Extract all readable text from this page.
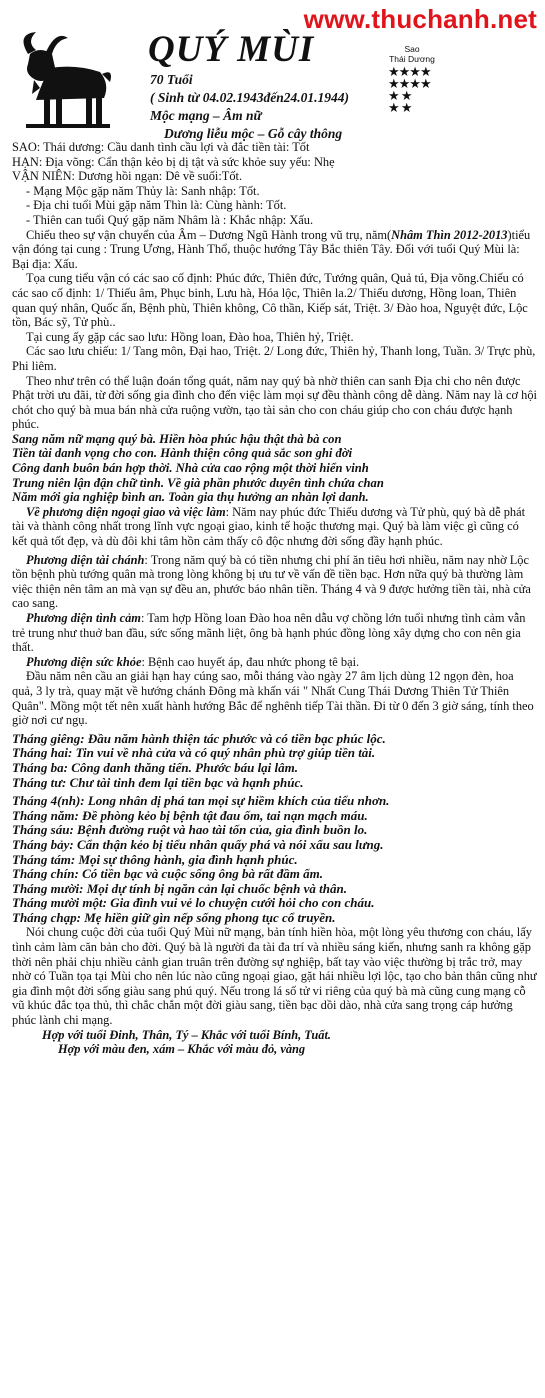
www.thuchanh.net
QUÝ MÙI
70 Tuổi
( Sinh từ 04.02.1943đến24.01.1944)
Mộc mạng – Âm nữ
Dương liễu mộc – Gỗ cây thông
Sao
Thái Dương
★★★★
★★★★
★ ★
★ ★

SAO: Thái dương: Cầu danh tình cầu lợi và đắc tiền tài: Tốt

HẠN: Địa võng: Cẩn thận kẻo bị dị tật và sức khỏe suy yếu: Nhẹ

VẬN NIÊN: Dương hồi ngạn: Dê về suối:Tốt.

- Mạng Mộc gặp năm Thủy là: Sanh nhập: Tốt.

- Địa chi tuổi Mùi gặp năm Thìn là: Cùng hành: Tốt.

- Thiên can tuổi Quý gặp năm Nhâm là : Khắc nhập: Xấu.

Chiếu theo sự vận chuyển của Âm – Dương Ngũ Hành trong vũ trụ, năm(Nhâm Thìn 2012-2013)tiểu vận đóng tại cung : Trung Ương, Hành Thổ, thuộc hướng Tây Bắc thiên Tây. Đối với tuổi Quý Mùi là: Bại địa: Xấu.

Tọa cung tiểu vận có các sao cố định: Phúc đức, Thiên đức, Tướng quân, Quả tú, Địa võng.Chiếu có các sao cố định: 1/ Thiếu âm, Phục binh, Lưu hà, Hóa lộc, Thiên la.2/ Thiếu dương, Hồng loan, Thiên quan quý nhân, Quốc ấn, Bệnh phù, Thiên không, Cô thần, Kiếp sát, Triệt. 3/ Đào hoa, Nguyệt đức, Lộc tồn, Bác sỹ, Tử phù..

Tại cung ấy gặp các sao lưu: Hồng loan, Đào hoa, Thiên hỷ, Triệt.

Các sao lưu chiếu: 1/ Tang môn, Đại hao, Triệt. 2/ Long đức, Thiên hỷ, Thanh long, Tuần. 3/ Trực phù, Phi liêm.

Theo như trên có thể luận đoán tổng quát, năm nay quý bà nhờ thiên can sanh Địa chi cho nên được Phật trời ưu đãi, từ đời sống gia đình cho đến việc làm mọi sự đều thành công dễ dàng. Năm nay là cơ hội chót cho quý bà mua bán nhà cửa ruộng vườn, tạo tài sản cho con cháu giúp cho con cháu được hạnh phúc.

Sang năm nữ mạng quý bà. Hiền hòa phúc hậu thật thà bà con

Tiền tài danh vọng cho con. Hành thiện công quả sắc son ghi đời

Công danh buôn bán hợp thời. Nhà cửa cao rộng một thời hiển vinh

Trung niên lận đận chữ tình. Về già phần phước duyên tình chứa chan

Năm mới gia nghiệp bình an. Toàn gia thụ hưởng an nhàn lợi danh.

Về phương diện ngoại giao và việc làm: Năm nay phúc đức Thiếu dương và Tử phù, quý bà dễ phát tài và thành công nhất trong lĩnh vực ngoại giao, kinh tế hoặc thương mại. Quý bà làm việc gì cũng có kết quả tốt đẹp, và dù đôi khi tâm hồn cảm thấy cô độc nhưng đời sống đầy hạnh phúc.

Phương diện tài chánh: Trong năm quý bà có tiền nhưng chi phí ăn tiêu hơi nhiều, năm nay nhờ Lộc tồn bệnh phù tướng quân mà trong lòng không bị ưu tư về vấn đề tiền bạc. Hơn nữa quý bà thường làm việc thiện nên tâm an mà vạn sự đều an, phước báo nhân tiền. Tháng 4 và 9 được hưởng tiền tài, nhà cửa cao sang.

Phương diện tình cảm: Tam hợp Hồng loan Đào hoa nên dẫu vợ chồng lớn tuổi nhưng tình cảm vẫn trẻ trung như thuở ban đầu, sức sống mãnh liệt, ông bà hạnh phúc đồng lòng xây dựng cho con nên gia thất.

Phương diện sức khỏe: Bệnh cao huyết áp, đau nhức phong tê bại.

Đầu năm nên cầu an giải hạn hay cúng sao, mỗi tháng vào ngày 27 âm lịch dùng 12 ngọn đèn, hoa quả, 3 ly trà, quay mặt về hướng chánh Đông mà khấn vái " Nhất Cung Thái Dương Thiên Tử Thiên Quân". Mồng một tết nên xuất hành hướng Bắc để nghênh tiếp Tài thần. Đi từ 0 đến 3 giờ sáng, tính theo giờ nơi cư ngụ.

Tháng giêng: Đầu năm hành thiện tác phước và có tiền bạc phúc lộc.

Tháng hai: Tin vui về nhà cửa và có quý nhân phù trợ giúp tiền tài.

Tháng ba: Công danh thăng tiến. Phước báu lại lâm.

Tháng tư: Chư tài tinh đem lại tiền bạc và hạnh phúc.

Tháng 4(nh): Long nhân dị phá tan mọi sự hiềm khích của tiểu nhơn.

Tháng năm: Đề phòng kẻo bị bệnh tật đau ốm, tai nạn mạch máu.

Tháng sáu: Bệnh đường ruột và hao tài tốn của, gia đình buồn lo.

Tháng bảy: Cẩn thận kẻo bị tiểu nhân quấy phá và nói xấu sau lưng.

Tháng tám: Mọi sự thông hành, gia đình hạnh phúc.

Tháng chín: Có tiền bạc và cuộc sống ông bà rất đầm ấm.

Tháng mười: Mọi dự tính bị ngăn cản lại chuốc bệnh và thân.

Tháng mười một: Gia đình vui vẻ lo chuyện cưới hỏi cho con cháu.

Tháng chạp: Mẹ hiền giữ gìn nếp sống phong tục cổ truyền.

Nói chung cuộc đời của tuổi Quý Mùi nữ mạng, bản tính hiền hòa, một lòng yêu thương con cháu, lấy tình cảm làm căn bản cho đời. Quý bà là người đa tài đa trí và nhiều sáng kiến, nhưng sanh ra không gặp thời nên phải chịu nhiều cảnh gian truân trên đường sự nghiệp, bất tay vào việc thường bị trắc trở, may nhờ có Tuần tọa tại Mùi cho nên lúc nào cũng ngoại giao, gặt hái nhiều lợi lộc, tạo cho bản thân cũng như gia đình một đời sống giàu sang phú quý. Nếu trong lá số tử vi riêng của quý bà mà cũng cung mạng cỗ vũ khúc đắc tọa thủ, thì chắc chắn một đời giàu sang, tiền bạc dồi dào, nhà cửa sang trọng cáp hưởng phúc lành chi mạng.

Hợp với tuổi Đinh, Thân, Tý – Khắc với tuổi Bính, Tuất.

Hợp với màu đen, xám – Khắc với màu đỏ, vàng
